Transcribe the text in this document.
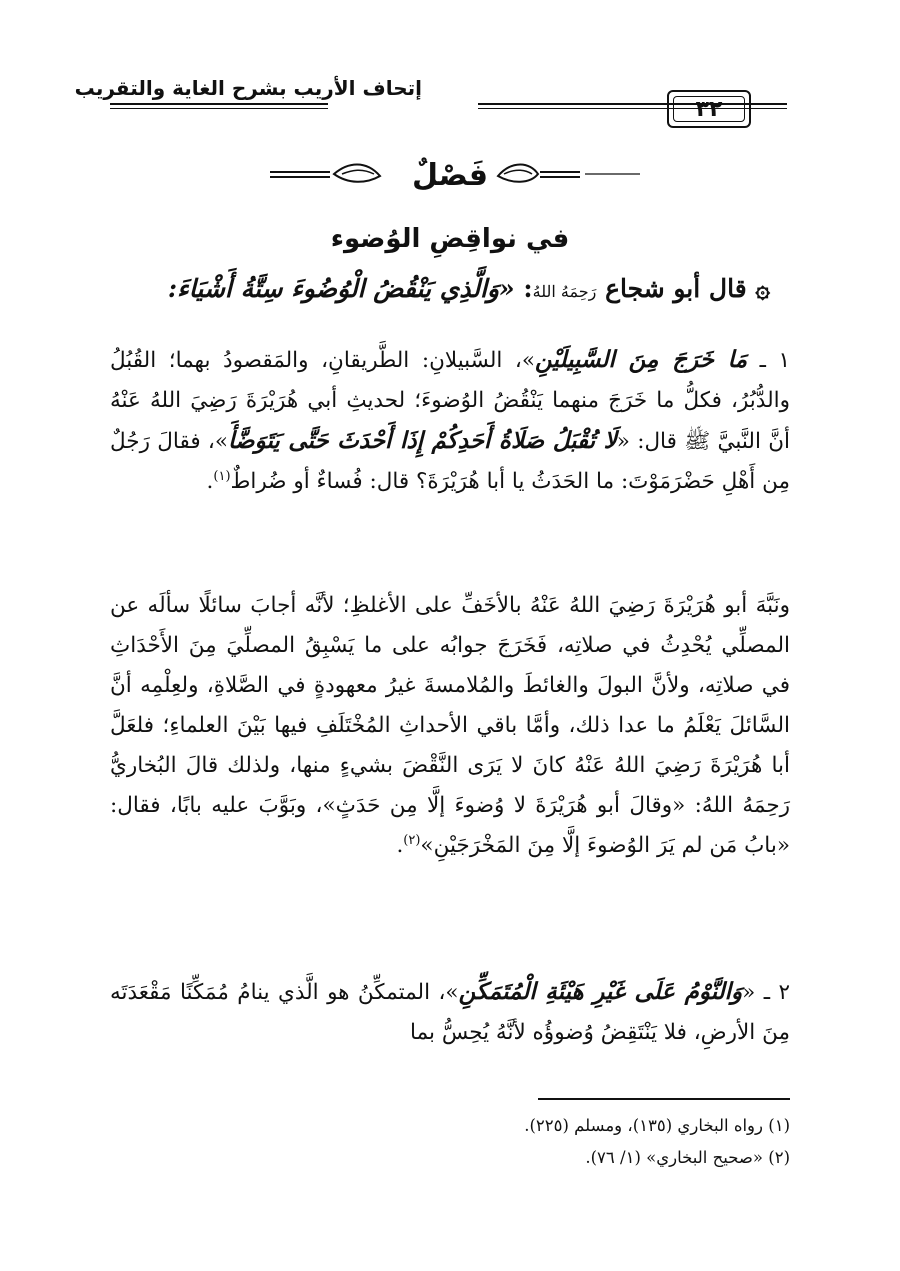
إتحاف الأريب بشرح الغاية والتقريب
٣٢
فَصْلٌ
في نواقِضِ الوُضوء
۞ قال أبو شجاع رَحِمَهُ اللهُ: «وَالَّذِي يَنْقُضُ الْوُضُوءَ سِتَّةُ أَشْيَاءَ:
١ ـ مَا خَرَجَ مِنَ السَّبِيلَيْنِ»، السَّبيلانِ: الطَّريقانِ، والمَقصودُ بهما؛ القُبُلُ والدُّبُرُ، فكلُّ ما خَرَجَ منهما يَنْقُضُ الوُضوءَ؛ لحديثِ أبي هُرَيْرَةَ رَضِيَ اللهُ عَنْهُ أنَّ النَّبيَّ ﷺ قال: «لَا تُقْبَلُ صَلَاةُ أَحَدِكُمْ إِذَا أَحْدَثَ حَتَّى يَتَوَضَّأَ»، فقالَ رَجُلٌ مِن أَهْلِ حَضْرَمَوْتَ: ما الحَدَثُ يا أبا هُرَيْرَةَ؟ قال: فُساءٌ أو ضُراطٌ$^{(١)}$.
ونَبَّهَ أبو هُرَيْرَةَ رَضِيَ اللهُ عَنْهُ بالأخَفِّ على الأغلظِ؛ لأنَّه أجابَ سائلًا سألَه عن المصلِّي يُحْدِثُ في صلاتِه، فَخَرَجَ جوابُه على ما يَسْبِقُ المصلِّيَ مِنَ الأَحْدَاثِ في صلاتِه، ولأنَّ البولَ والغائطَ والمُلامسةَ غيرُ معهودةٍ في الصَّلاةِ، ولعِلْمِه أنَّ السَّائلَ يَعْلَمُ ما عدا ذلك، وأمَّا باقي الأحداثِ المُخْتَلَفِ فيها بَيْنَ العلماءِ؛ فلعَلَّ أبا هُرَيْرَةَ رَضِيَ اللهُ عَنْهُ كانَ لا يَرَى النَّقْضَ بشيءٍ منها، ولذلك قالَ البُخاريُّ رَحِمَهُ اللهُ: «وقالَ أبو هُرَيْرَةَ لا وُضوءَ إلَّا مِن حَدَثٍ»، وبَوَّبَ عليه بابًا، فقال: «بابُ مَن لم يَرَ الوُضوءَ إلَّا مِنَ المَخْرَجَيْنِ»$^{(٢)}$.
٢ ـ «وَالنَّوْمُ عَلَى غَيْرِ هَيْئَةِ الْمُتَمَكِّنِ»، المتمكِّنُ هو الَّذي ينامُ مُمَكِّنًا مَقْعَدَتَه مِنَ الأرضِ، فلا يَنْتَقِضُ وُضوؤُه لأنَّهُ يُحِسُّ بما
(١) رواه البخاري (١٣٥)، ومسلم (٢٢٥).
(٢) «صحيح البخاري» (١/ ٧٦).
